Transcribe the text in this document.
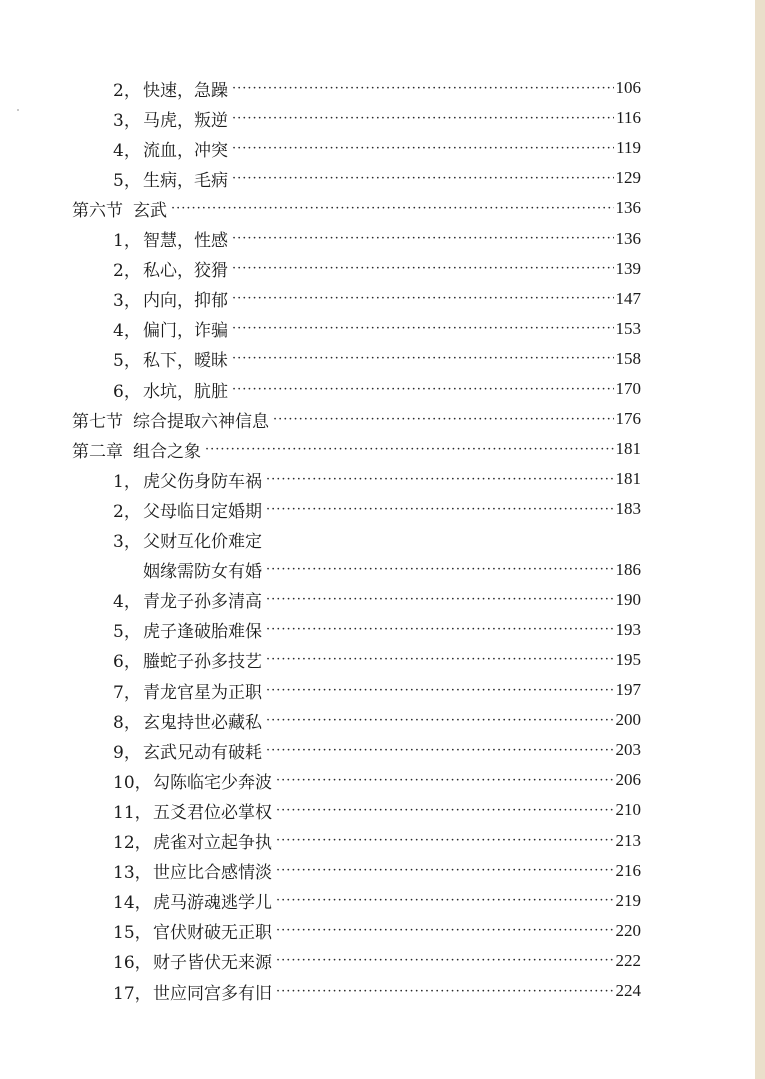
2， 快速，急躁 ·····	106
3， 马虎，叛逆 ·····	116
4， 流血，冲突 ·····	119
5， 生病，毛病 ·····	129
第六节 玄武 ·····	136
1， 智慧，性感 ·····	136
2， 私心，狡猾 ·····	139
3， 内向，抑郁 ·····	147
4， 偏门，诈骗 ·····	153
5， 私下，暧昧 ·····	158
6， 水坑，肮脏 ·····	170
第七节 综合提取六神信息 ·····	176
第二章 组合之象 ·····	181
1， 虎父伤身防车祸 ·····	181
2， 父母临日定婚期 ·····	183
3， 父财互化价难定
姻缘需防女有婚 ·····	186
4， 青龙子孙多清高 ·····	190
5， 虎子逢破胎难保 ·····	193
6， 螣蛇子孙多技艺 ·····	195
7， 青龙官星为正职 ·····	197
8， 玄鬼持世必藏私 ·····	200
9， 玄武兄动有破耗 ·····	203
10， 勾陈临宅少奔波 ·····	206
11， 五爻君位必掌权 ·····	210
12， 虎雀对立起争执 ·····	213
13， 世应比合感情淡 ·····	216
14， 虎马游魂逃学儿 ·····	219
15， 官伏财破无正职 ·····	220
16， 财子皆伏无来源 ·····	222
17， 世应同宫多有旧 ·····	224
